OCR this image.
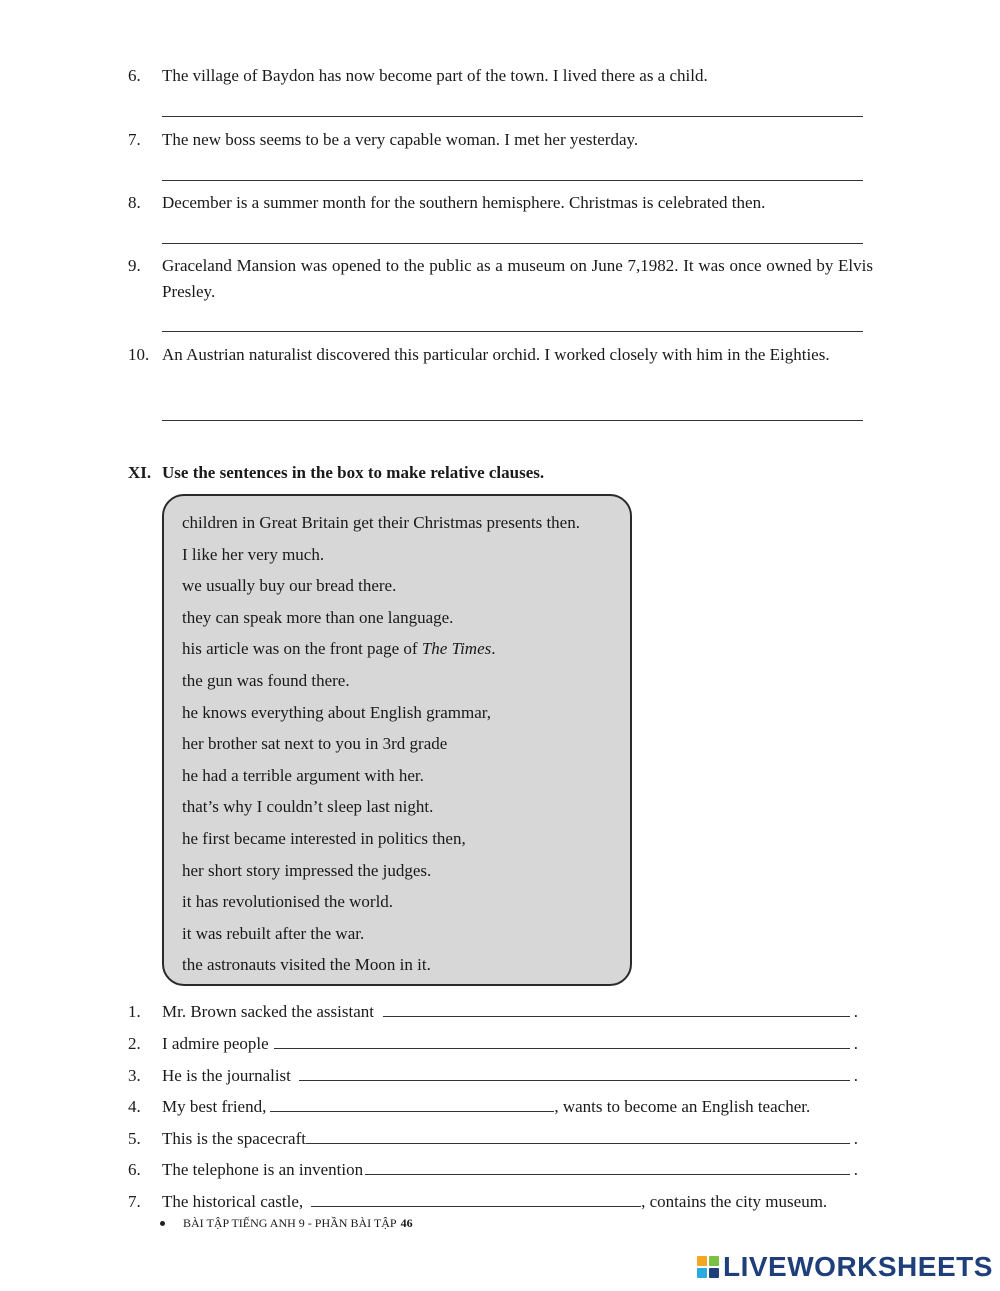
6. The village of Baydon has now become part of the town. I lived there as a child.
7. The new boss seems to be a very capable woman. I met her yesterday.
8. December is a summer month for the southern hemisphere. Christmas is celebrated then.
9. Graceland Mansion was opened to the public as a museum on June 7,1982. It was once owned by Elvis Presley.
10. An Austrian naturalist discovered this particular orchid. I worked closely with him in the Eighties.
XI. Use the sentences in the box to make relative clauses.
children in Great Britain get their Christmas presents then.
I like her very much.
we usually buy our bread there.
they can speak more than one language.
his article was on the front page of The Times.
the gun was found there.
he knows everything about English grammar,
her brother sat next to you in 3rd grade
he had a terrible argument with her.
that’s why I couldn’t sleep last night.
he first became interested in politics then,
her short story impressed the judges.
it has revolutionised the world.
it was rebuilt after the war.
the astronauts visited the Moon in it.
1. Mr. Brown sacked the assistant	.
2. I admire people	.
3. He is the journalist	.
4. My best friend,	, wants to become an English teacher.
5. This is the spacecraft	.
6. The telephone is an invention	.
7. The historical castle,	, contains the city museum.
BÀI TẬP TIẾNG ANH 9 - PHẦN BÀI TẬP 46
LIVEWORKSHEETS
